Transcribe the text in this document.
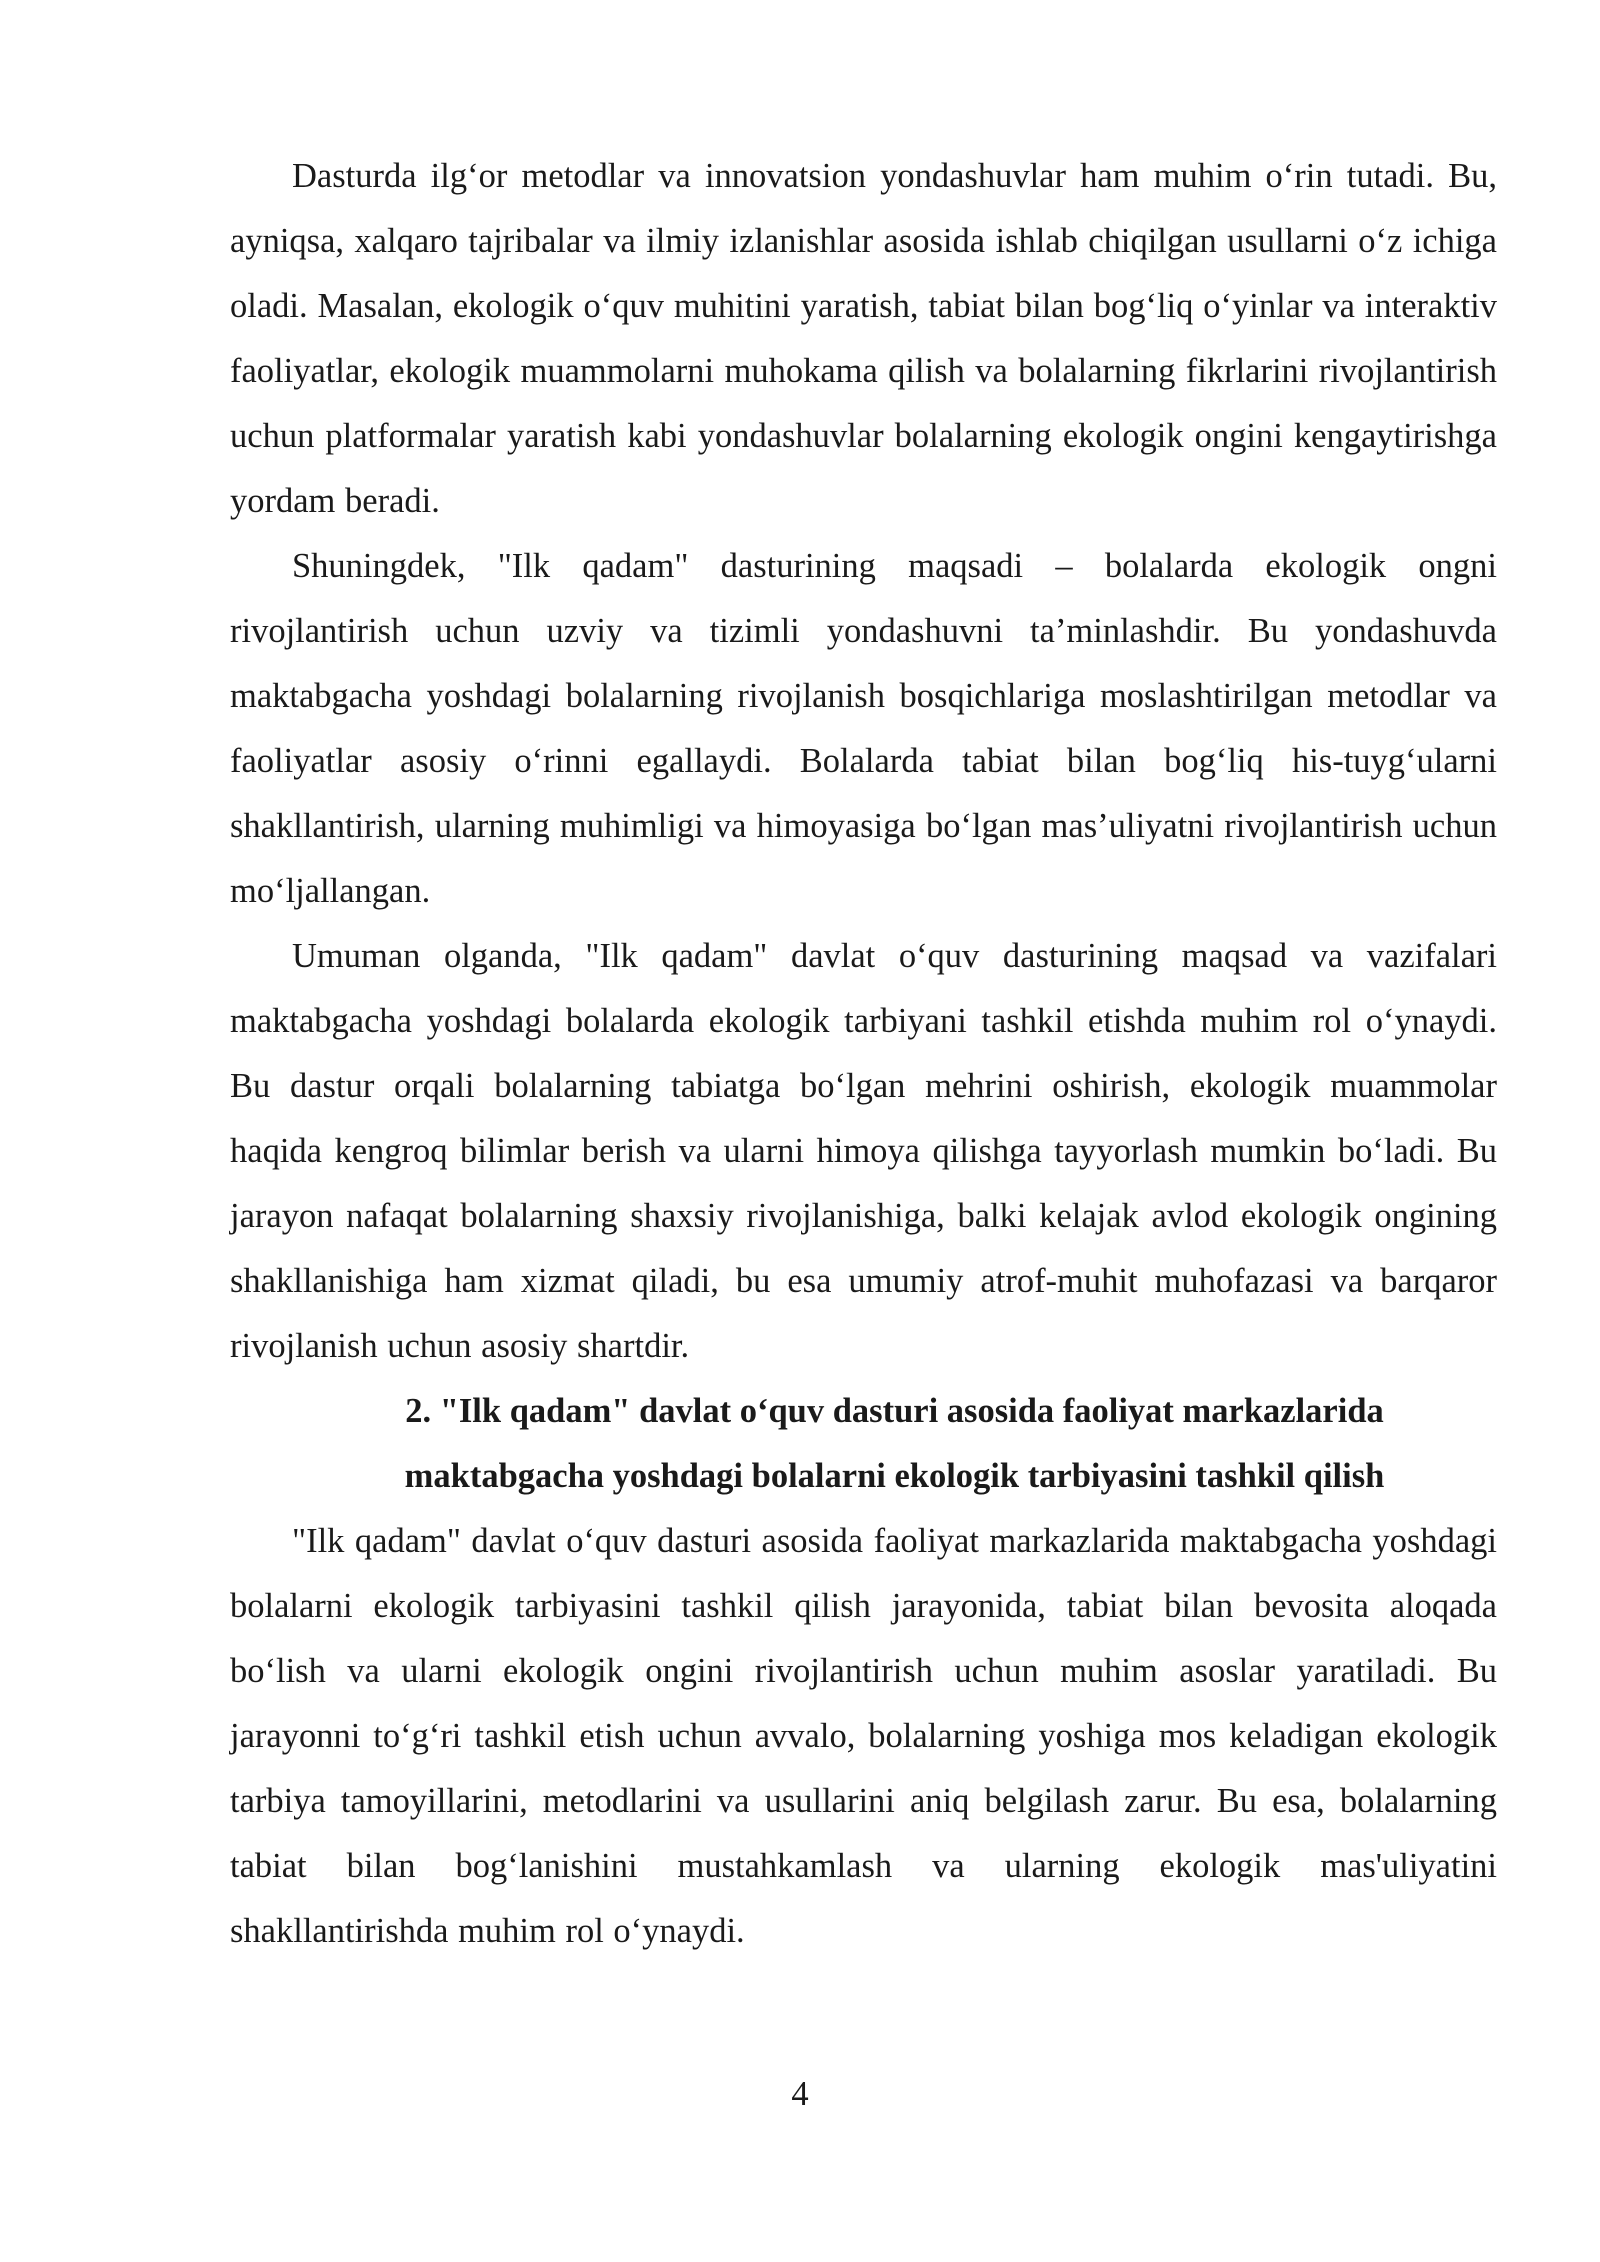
Dasturda ilg‘or metodlar va innovatsion yondashuvlar ham muhim o‘rin tutadi. Bu, ayniqsa, xalqaro tajribalar va ilmiy izlanishlar asosida ishlab chiqilgan usullarni o‘z ichiga oladi. Masalan, ekologik o‘quv muhitini yaratish, tabiat bilan bog‘liq o‘yinlar va interaktiv faoliyatlar, ekologik muammolarni muhokama qilish va bolalarning fikrlarini rivojlantirish uchun platformalar yaratish kabi yondashuvlar bolalarning ekologik ongini kengaytirishga yordam beradi.

Shuningdek, "Ilk qadam" dasturining maqsadi – bolalarda ekologik ongni rivojlantirish uchun uzviy va tizimli yondashuvni ta’minlashdir. Bu yondashuvda maktabgacha yoshdagi bolalarning rivojlanish bosqichlariga moslashtirilgan metodlar va faoliyatlar asosiy o‘rinni egallaydi. Bolalarda tabiat bilan bog‘liq his-tuyg‘ularni shakllantirish, ularning muhimligi va himoyasiga bo‘lgan mas’uliyatni rivojlantirish uchun mo‘ljallangan.

Umuman olganda, "Ilk qadam" davlat o‘quv dasturining maqsad va vazifalari maktabgacha yoshdagi bolalarda ekologik tarbiyani tashkil etishda muhim rol o‘ynaydi. Bu dastur orqali bolalarning tabiatga bo‘lgan mehrini oshirish, ekologik muammolar haqida kengroq bilimlar berish va ularni himoya qilishga tayyorlash mumkin bo‘ladi. Bu jarayon nafaqat bolalarning shaxsiy rivojlanishiga, balki kelajak avlod ekologik ongining shakllanishiga ham xizmat qiladi, bu esa umumiy atrof-muhit muhofazasi va barqaror rivojlanish uchun asosiy shartdir.

2. "Ilk qadam" davlat o‘quv dasturi asosida faoliyat markazlarida
maktabgacha yoshdagi bolalarni ekologik tarbiyasini tashkil qilish

"Ilk qadam" davlat o‘quv dasturi asosida faoliyat markazlarida maktabgacha yoshdagi bolalarni ekologik tarbiyasini tashkil qilish jarayonida, tabiat bilan bevosita aloqada bo‘lish va ularni ekologik ongini rivojlantirish uchun muhim asoslar yaratiladi. Bu jarayonni to‘g‘ri tashkil etish uchun avvalo, bolalarning yoshiga mos keladigan ekologik tarbiya tamoyillarini, metodlarini va usullarini aniq belgilash zarur. Bu esa, bolalarning tabiat bilan bog‘lanishini mustahkamlash va ularning ekologik mas'uliyatini shakllantirishda muhim rol o‘ynaydi.

4
